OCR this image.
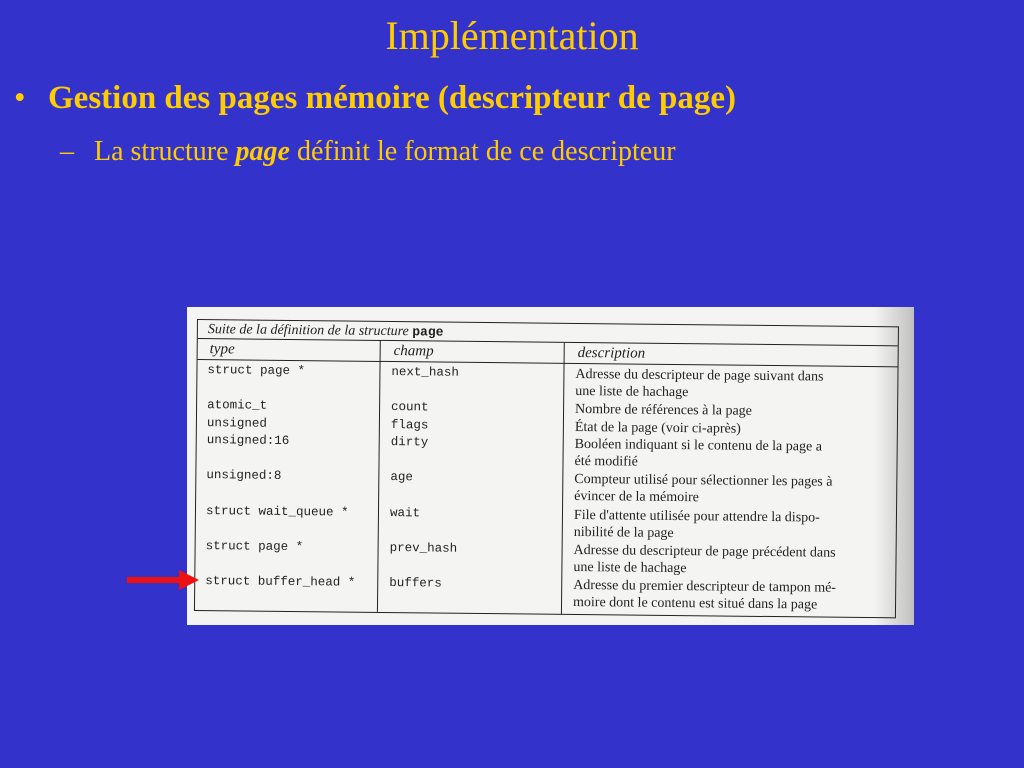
Implémentation
• Gestion des pages mémoire (descripteur de page)
– La structure page définit le format de ce descripteur
Suite de la définition de la structure page
type	champ	description
struct page *	next_hash	Adresse du descripteur de page suivant dans
une liste de hachage
atomic_t	count	Nombre de références à la page
unsigned	flags	État de la page (voir ci-après)
unsigned:16	dirty	Booléen indiquant si le contenu de la page a
été modifié
unsigned:8	age	Compteur utilisé pour sélectionner les pages à
évincer de la mémoire
struct wait_queue *	wait	File d'attente utilisée pour attendre la dispo-
nibilité de la page
struct page *	prev_hash	Adresse du descripteur de page précédent dans
une liste de hachage
struct buffer_head *	buffers	Adresse du premier descripteur de tampon mé-
moire dont le contenu est situé dans la page
